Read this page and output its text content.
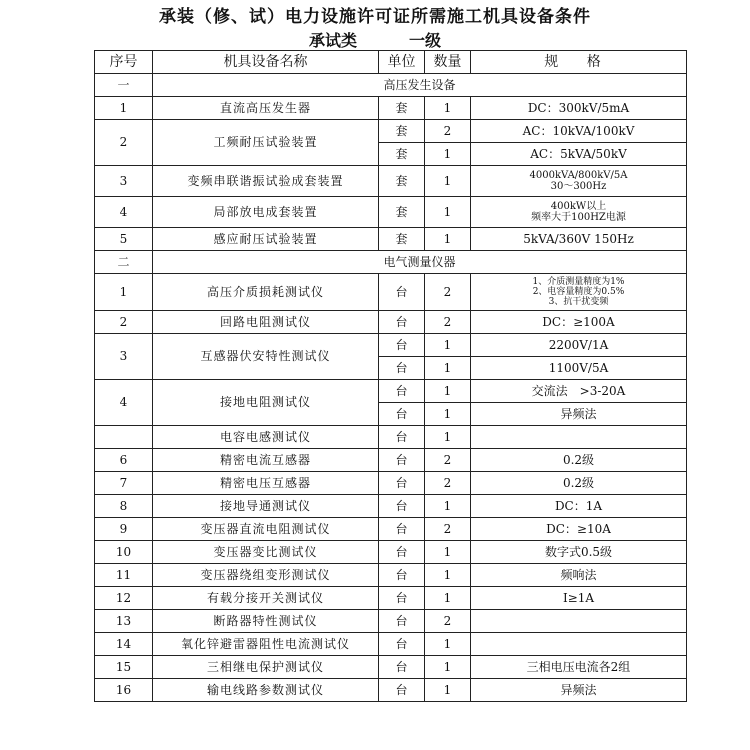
承装（修、试）电力设施许可证所需施工机具设备条件
承试类	一级
序号	机具设备名称	单位	数量	规 格
一	高压发生设备			
1	直流高压发生器	套	1	DC：300kV/5mA
2	工频耐压试验装置	套	2	AC：10kVA/100kV
		套	1	AC：5kVA/50kV
3	变频串联谐振试验成套装置	套	1	4000kVA/800kV/5A
30～300Hz
4	局部放电成套装置	套	1	400kW以上
频率大于100HZ电源
5	感应耐压试验装置	套	1	5kVA/360V 150Hz
二	电气测量仪器			
1	高压介质损耗测试仪	台	2	1、介质测量精度为1%
2、电容量精度为0.5%
3、抗干扰变频
2	回路电阻测试仪	台	2	DC：≥100A
3	互感器伏安特性测试仪	台	1	2200V/1A
		台	1	1100V/5A
4	接地电阻测试仪	台	1	交流法　>3-20A
		台	1	异频法
	电容电感测试仪	台	1	
6	精密电流互感器	台	2	0.2级
7	精密电压互感器	台	2	0.2级
8	接地导通测试仪	台	1	DC：1A
9	变压器直流电阻测试仪	台	2	DC：≥10A
10	变压器变比测试仪	台	1	数字式0.5级
11	变压器绕组变形测试仪	台	1	频响法
12	有载分接开关测试仪	台	1	I≥1A
13	断路器特性测试仪	台	2	
14	氧化锌避雷器阻性电流测试仪	台	1	
15	三相继电保护测试仪	台	1	三相电压电流各2组
16	输电线路参数测试仪	台	1	异频法
